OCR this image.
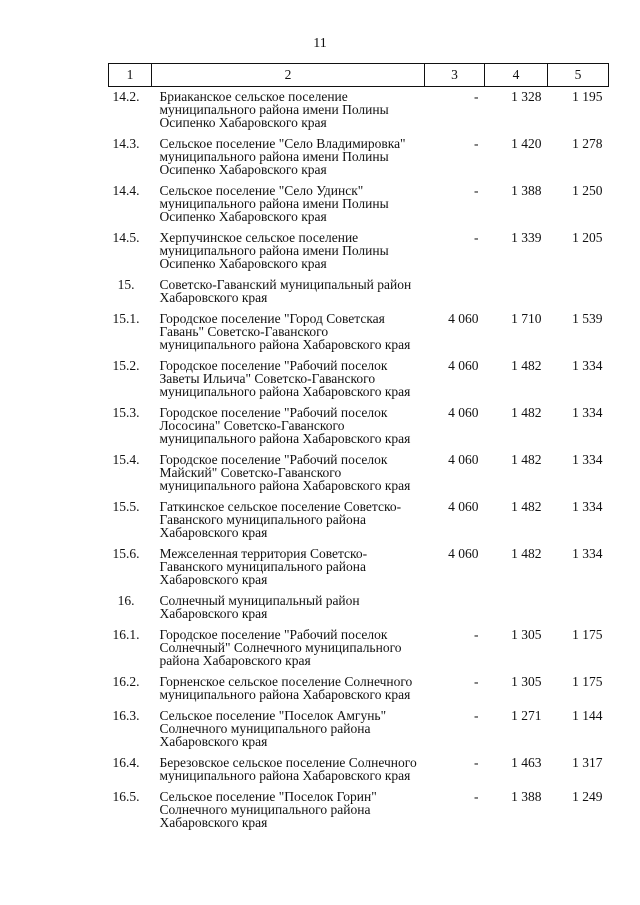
11
1	2	3	4	5
14.2.	Бриаканское сельское поселение муниципального района имени Полины Осипенко Хабаровского края	-	1 328	1 195
14.3.	Сельское поселение "Село Владимировка" муниципального района имени Полины Осипенко Хабаровского края	-	1 420	1 278
14.4.	Сельское поселение "Село Удинск" муниципального района имени Полины Осипенко Хабаровского края	-	1 388	1 250
14.5.	Херпучинское сельское поселение муниципального района имени Полины Осипенко Хабаровского края	-	1 339	1 205
15.	Советско-Гаванский муниципальный район Хабаровского края			
15.1.	Городское поселение "Город Советская Гавань" Советско-Гаванского муниципального района Хабаровского края	4 060	1 710	1 539
15.2.	Городское поселение "Рабочий поселок Заветы Ильича" Советско-Гаванского муниципального района Хабаровского края	4 060	1 482	1 334
15.3.	Городское поселение "Рабочий поселок Лососина" Советско-Гаванского муниципального района Хабаровского края	4 060	1 482	1 334
15.4.	Городское поселение "Рабочий поселок Майский" Советско-Гаванского муниципального района Хабаровского края	4 060	1 482	1 334
15.5.	Гаткинское сельское поселение Советско-Гаванского муниципального района Хабаровского края	4 060	1 482	1 334
15.6.	Межселенная территория Советско-Гаванского муниципального района Хабаровского края	4 060	1 482	1 334
16.	Солнечный муниципальный район Хабаровского края			
16.1.	Городское поселение "Рабочий поселок Солнечный" Солнечного муниципального района Хабаровского края	-	1 305	1 175
16.2.	Горненское сельское поселение Солнечного муниципального района Хабаровского края	-	1 305	1 175
16.3.	Сельское поселение "Поселок Амгунь" Солнечного муниципального района Хабаровского края	-	1 271	1 144
16.4.	Березовское сельское поселение Солнечного муниципального района Хабаровского края	-	1 463	1 317
16.5.	Сельское поселение "Поселок Горин" Солнечного муниципального района Хабаровского края	-	1 388	1 249
